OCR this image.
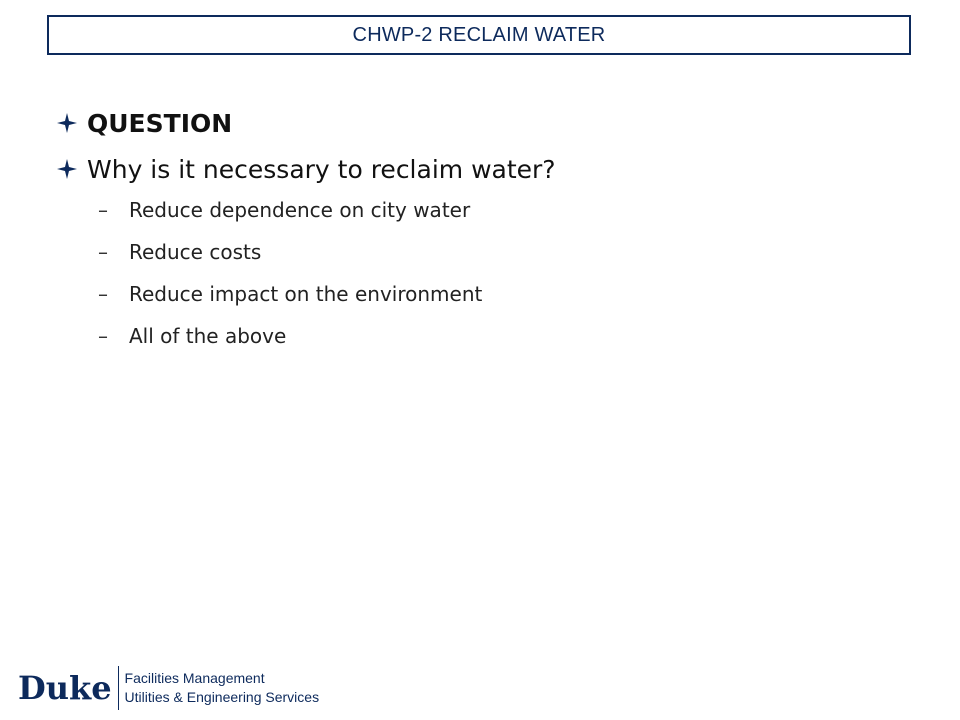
CHWP-2 RECLAIM WATER
QUESTION
Why is it necessary to reclaim water?
–	Reduce dependence on city water
–	Reduce costs
–	Reduce impact on the environment
–	All of the above
Duke Facilities Management
Utilities & Engineering Services
